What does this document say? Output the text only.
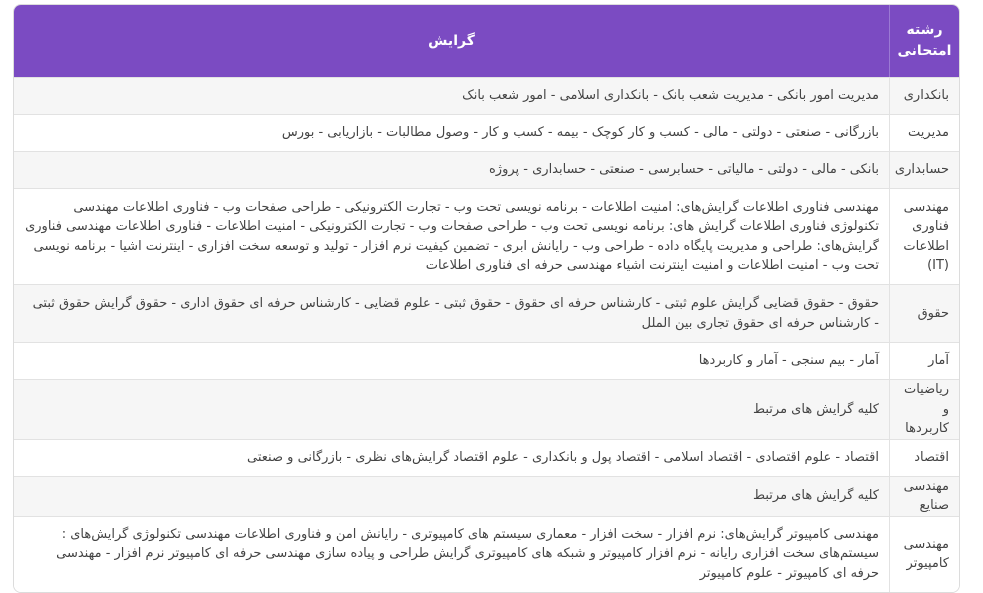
رشته امتحانی	گرایش
بانکداری	مدیریت امور بانکی - مدیریت شعب بانک - بانکداری اسلامی - امور شعب بانک
مدیریت	بازرگانی - صنعتی - دولتی - مالی - کسب و کار کوچک - بیمه - کسب و کار - وصول مطالبات - بازاریابی - بورس
حسابداری	بانکی - مالی - دولتی - مالیاتی - حسابرسی - صنعتی - حسابداری - پروژه
مهندسی فناوری اطلاعات (IT)	مهندسی فناوری اطلاعات گرایش‌های: امنیت اطلاعات - برنامه نویسی تحت وب - تجارت الکترونیکی - طراحی صفحات وب - فناوری اطلاعات مهندسی تکنولوژی فناوری اطلاعات گرایش های: برنامه نویسی تحت وب - طراحی صفحات وب - تجارت الکترونیکی - امنیت اطلاعات - فناوری اطلاعات مهندسی فناوری گرایش‌های: طراحی و مدیریت پایگاه داده - طراحی وب - رایانش ابری - تضمین کیفیت نرم افزار - تولید و توسعه سخت افزاری - اینترنت اشیا - برنامه نویسی تحت وب - امنیت اطلاعات و امنیت اینترنت اشیاء مهندسی حرفه ای فناوری اطلاعات
حقوق	حقوق - حقوق قضایی گرایش علوم ثبتی - کارشناس حرفه ای حقوق - حقوق ثبتی - علوم قضایی - کارشناس حرفه ای حقوق اداری - حقوق گرایش حقوق ثبتی - کارشناس حرفه ای حقوق تجاری بین الملل
آمار	آمار - بیم سنجی - آمار و کاربردها
ریاضیات و کاربردها	کلیه گرایش های مرتبط
اقتصاد	اقتصاد - علوم اقتصادی - اقتصاد اسلامی - اقتصاد پول و بانکداری - علوم اقتصاد گرایش‌های نظری - بازرگانی و صنعتی
مهندسی صنایع	کلیه گرایش های مرتبط
مهندسی کامپیوتر	مهندسی کامپیوتر گرایش‌های: نرم افزار - سخت افزار - معماری سیستم های کامپیوتری - رایانش امن و فناوری اطلاعات مهندسی تکنولوژی گرایش‌های : سیستم‌های سخت افزاری رایانه - نرم افزار کامپیوتر و شبکه های کامپیوتری گرایش طراحی و پیاده سازی مهندسی حرفه ای کامپیوتر نرم افزار - مهندسی حرفه ای کامپیوتر - علوم کامپیوتر
